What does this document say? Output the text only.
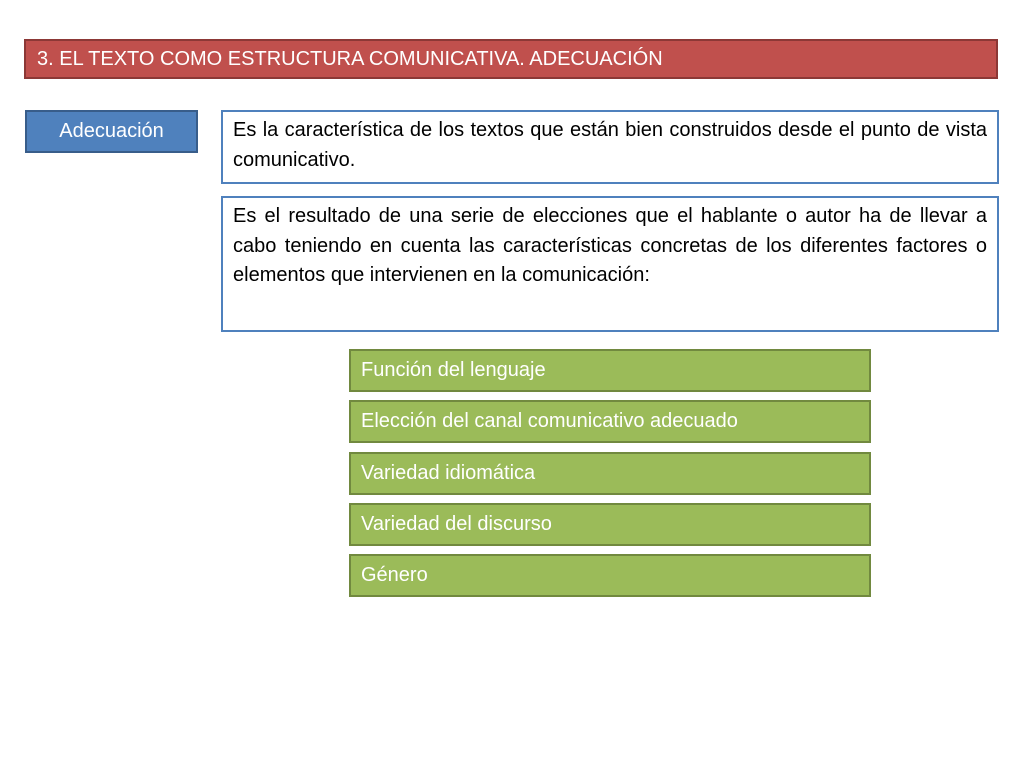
3. EL TEXTO COMO ESTRUCTURA COMUNICATIVA. ADECUACIÓN
Adecuación	Es la característica de los textos que están bien construidos desde el punto de vista comunicativo.
Es el resultado de una serie de elecciones que el hablante o autor ha de llevar a cabo teniendo en cuenta las características concretas de los diferentes factores o elementos que intervienen en la comunicación:
Función del lenguaje
Elección del canal comunicativo adecuado
Variedad idiomática
Variedad del discurso
Género
